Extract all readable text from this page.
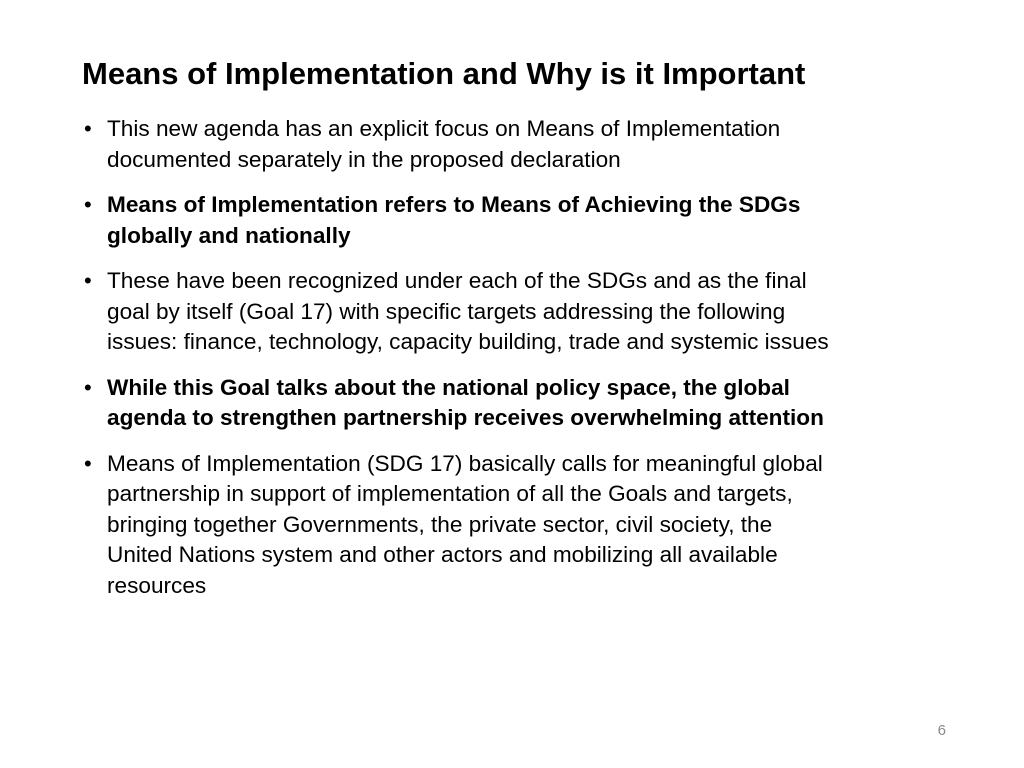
Means of Implementation and Why is it Important
• This new agenda has an explicit focus on Means of Implementation
documented separately in the proposed declaration
• Means of Implementation refers to Means of Achieving the SDGs
globally and nationally
• These have been recognized under each of the SDGs and as the final
goal by itself (Goal 17) with specific targets addressing the following
issues: finance, technology, capacity building, trade and systemic issues
• While this Goal talks about the national policy space, the global
agenda to strengthen partnership receives overwhelming attention
• Means of Implementation (SDG 17) basically calls for meaningful global
partnership in support of implementation of all the Goals and targets,
bringing together Governments, the private sector, civil society, the
United Nations system and other actors and mobilizing all available
resources
6
